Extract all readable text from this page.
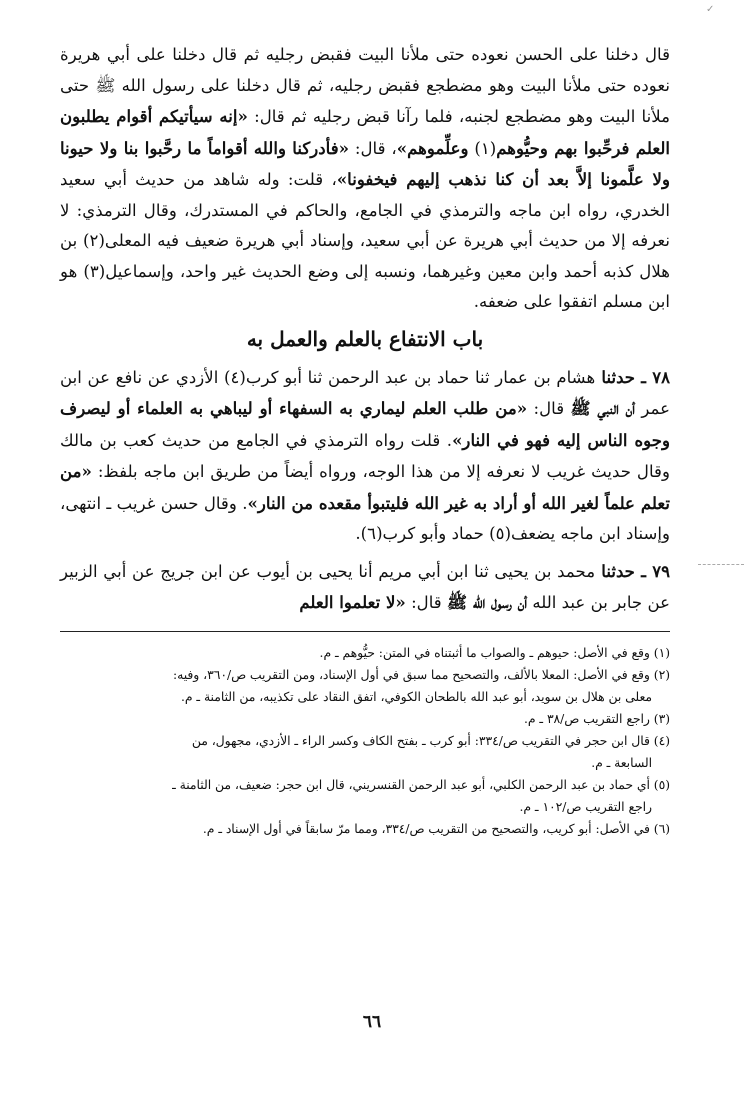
✓

قال دخلنا على الحسن نعوده حتى ملأنا البيت فقبض رجليه ثم قال دخلنا على أبي هريرة نعوده حتى ملأنا البيت وهو مضطجع فقبض رجليه، ثم قال دخلنا على رسول الله ﷺ حتى ملأنا البيت وهو مضطجع لجنبه، فلما رآنا قبض رجليه ثم قال: «إنه سيأتيكم أقوام يطلبون العلم فرحِّبوا بهم وحيُّوهم(١) وعلِّموهم»، قال: «فأدركنا والله أقواماً ما رحَّبوا بنا ولا حيونا ولا علَّمونا إلاَّ بعد أن كنا نذهب إليهم فيخفونا»، قلت: وله شاهد من حديث أبي سعيد الخدري، رواه ابن ماجه والترمذي في الجامع، والحاكم في المستدرك، وقال الترمذي: لا نعرفه إلا من حديث أبي هريرة عن أبي سعيد، وإسناد أبي هريرة ضعيف فيه المعلى(٢) بن هلال كذبه أحمد وابن معين وغيرهما، ونسبه إلى وضع الحديث غير واحد، وإسماعيل(٣) هو ابن مسلم اتفقوا على ضعفه.

باب الانتفاع بالعلم والعمل به

٧٨ ـ حدثنا هشام بن عمار ثنا حماد بن عبد الرحمن ثنا أبو كرب(٤) الأزدي عن نافع عن ابن عمر أن النبي ﷺ قال: «من طلب العلم ليماري به السفهاء أو ليباهي به العلماء أو ليصرف وجوه الناس إليه فهو في النار». قلت رواه الترمذي في الجامع من حديث كعب بن مالك وقال حديث غريب لا نعرفه إلا من هذا الوجه، ورواه أيضاً من طريق ابن ماجه بلفظ: «من تعلم علماً لغير الله أو أراد به غير الله فليتبوأ مقعده من النار». وقال حسن غريب ـ انتهى، وإسناد ابن ماجه يضعف(٥) حماد وأبو كرب(٦).

٧٩ ـ حدثنا محمد بن يحيى ثنا ابن أبي مريم أنا يحيى بن أيوب عن ابن جريج عن أبي الزبير عن جابر بن عبد الله أن رسول الله ﷺ قال: «لا تعلموا العلم

(١) وقع في الأصل: حيوهم ـ والصواب ما أثبتناه في المتن: حيُّوهم ـ م.

(٢) وقع في الأصل: المعلا بالألف، والتصحيح مما سبق في أول الإسناد، ومن التقريب ص/٣٦٠، وفيه:

معلى بن هلال بن سويد، أبو عبد الله بالطحان الكوفي، اتفق النقاد على تكذيبه، من الثامنة ـ م.

(٣) راجع التقريب ص/٣٨ ـ م.

(٤) قال ابن حجر في التقريب ص/٣٣٤: أبو كرب ـ بفتح الكاف وكسر الراء ـ الأزدي، مجهول، من

السابعة ـ م.

(٥) أي حماد بن عبد الرحمن الكلبي، أبو عبد الرحمن القنسريني، قال ابن حجر: ضعيف، من الثامنة ـ

راجع التقريب ص/١٠٢ ـ م.

(٦) في الأصل: أبو كريب، والتصحيح من التقريب ص/٣٣٤، ومما مرّ سابقاً في أول الإسناد ـ م.

٦٦
